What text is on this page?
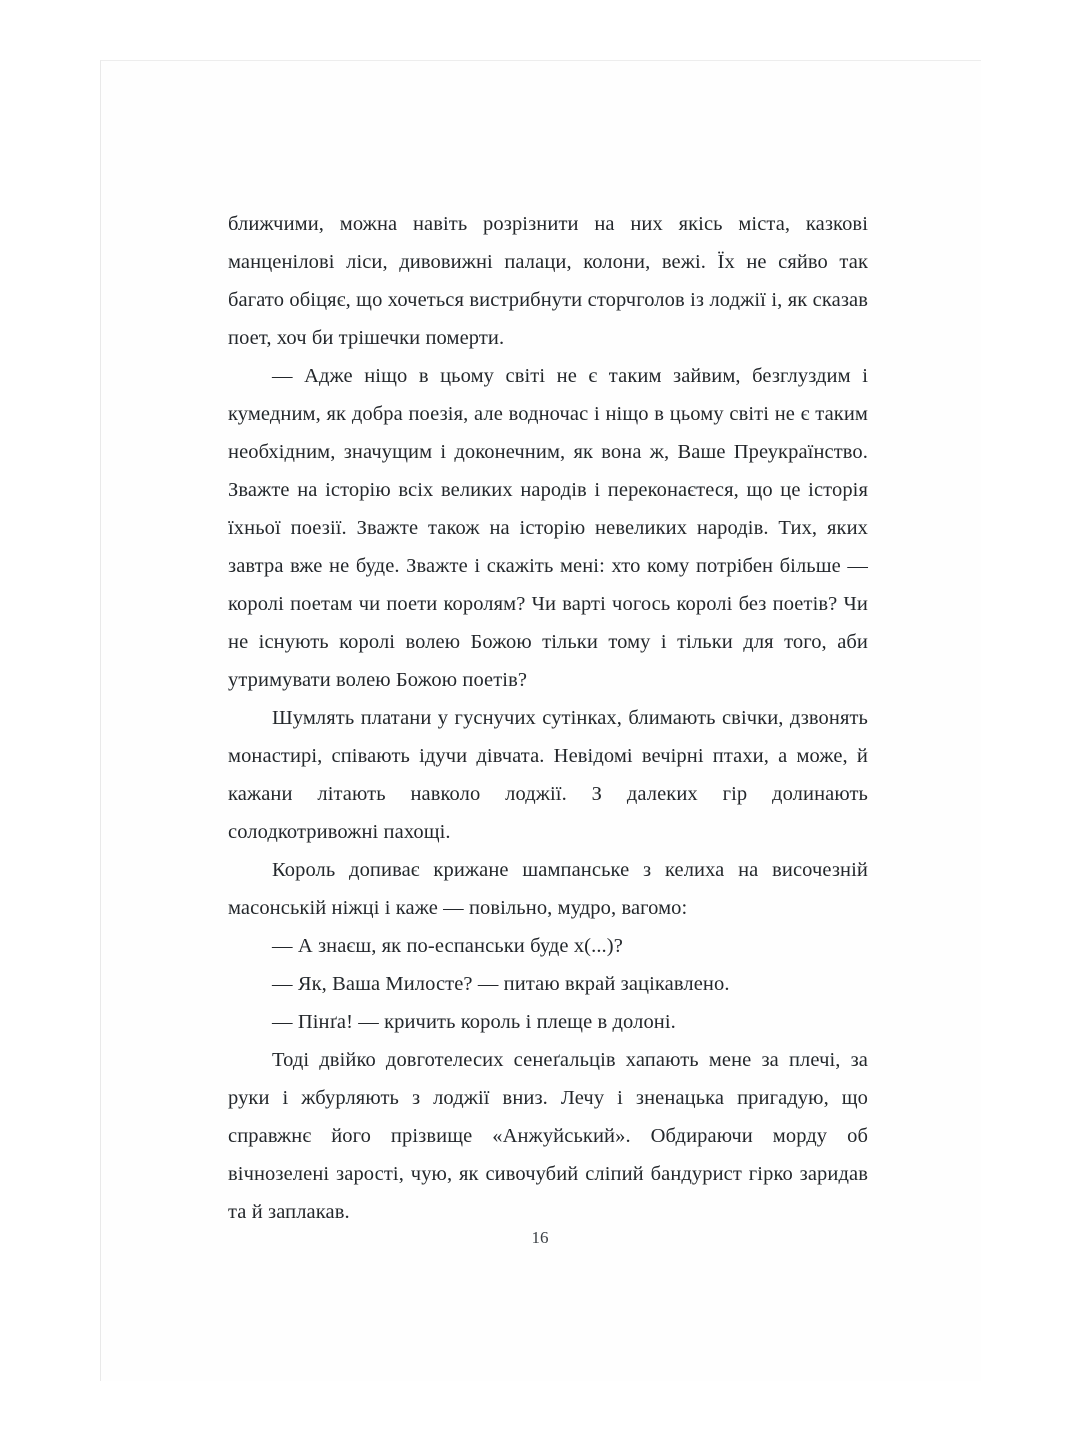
ближчими, можна навіть розрізнити на них якісь міста, казкові манценілові ліси, дивовижні палаци, колони, вежі. Їх не сяйво так багато обіцяє, що хочеться вистрибнути сторчголов із лоджії і, як сказав поет, хоч би трішечки померти.

— Адже ніщо в цьому світі не є таким зайвим, безглуздим і кумедним, як добра поезія, але водночас і ніщо в цьому світі не є таким необхідним, значущим і доконечним, як вона ж, Ваше Преукраїнство. Зважте на історію всіх великих народів і переконаєтеся, що це історія їхньої поезії. Зважте також на історію невеликих народів. Тих, яких завтра вже не буде. Зважте і скажіть мені: хто кому потрібен більше — королі поетам чи поети королям? Чи варті чогось королі без поетів? Чи не існують королі волею Божою тільки тому і тільки для того, аби утримувати волею Божою поетів?

Шумлять платани у гуснучих сутінках, блимають свічки, дзвонять монастирі, співають ідучи дівчата. Невідомі вечірні птахи, а може, й кажани літають навколо лоджії. З далеких гір долинають солодкотривожні пахощі.

Король допиває крижане шампанське з келиха на височезній масонській ніжці і каже — повільно, мудро, вагомо:

— А знаєш, як по-еспанськи буде х(...)?

— Як, Ваша Милосте? — питаю вкрай зацікавлено.

— Пінґа! — кричить король і плеще в долоні.

Тоді двійко довготелесих сенеґальців хапають мене за плечі, за руки і жбурляють з лоджії вниз. Лечу і зненацька пригадую, що справжнє його прізвище «Анжуйський». Обдираючи морду об вічнозелені зарості, чую, як сивочубий сліпий бандурист гірко заридав та й заплакав.

16
